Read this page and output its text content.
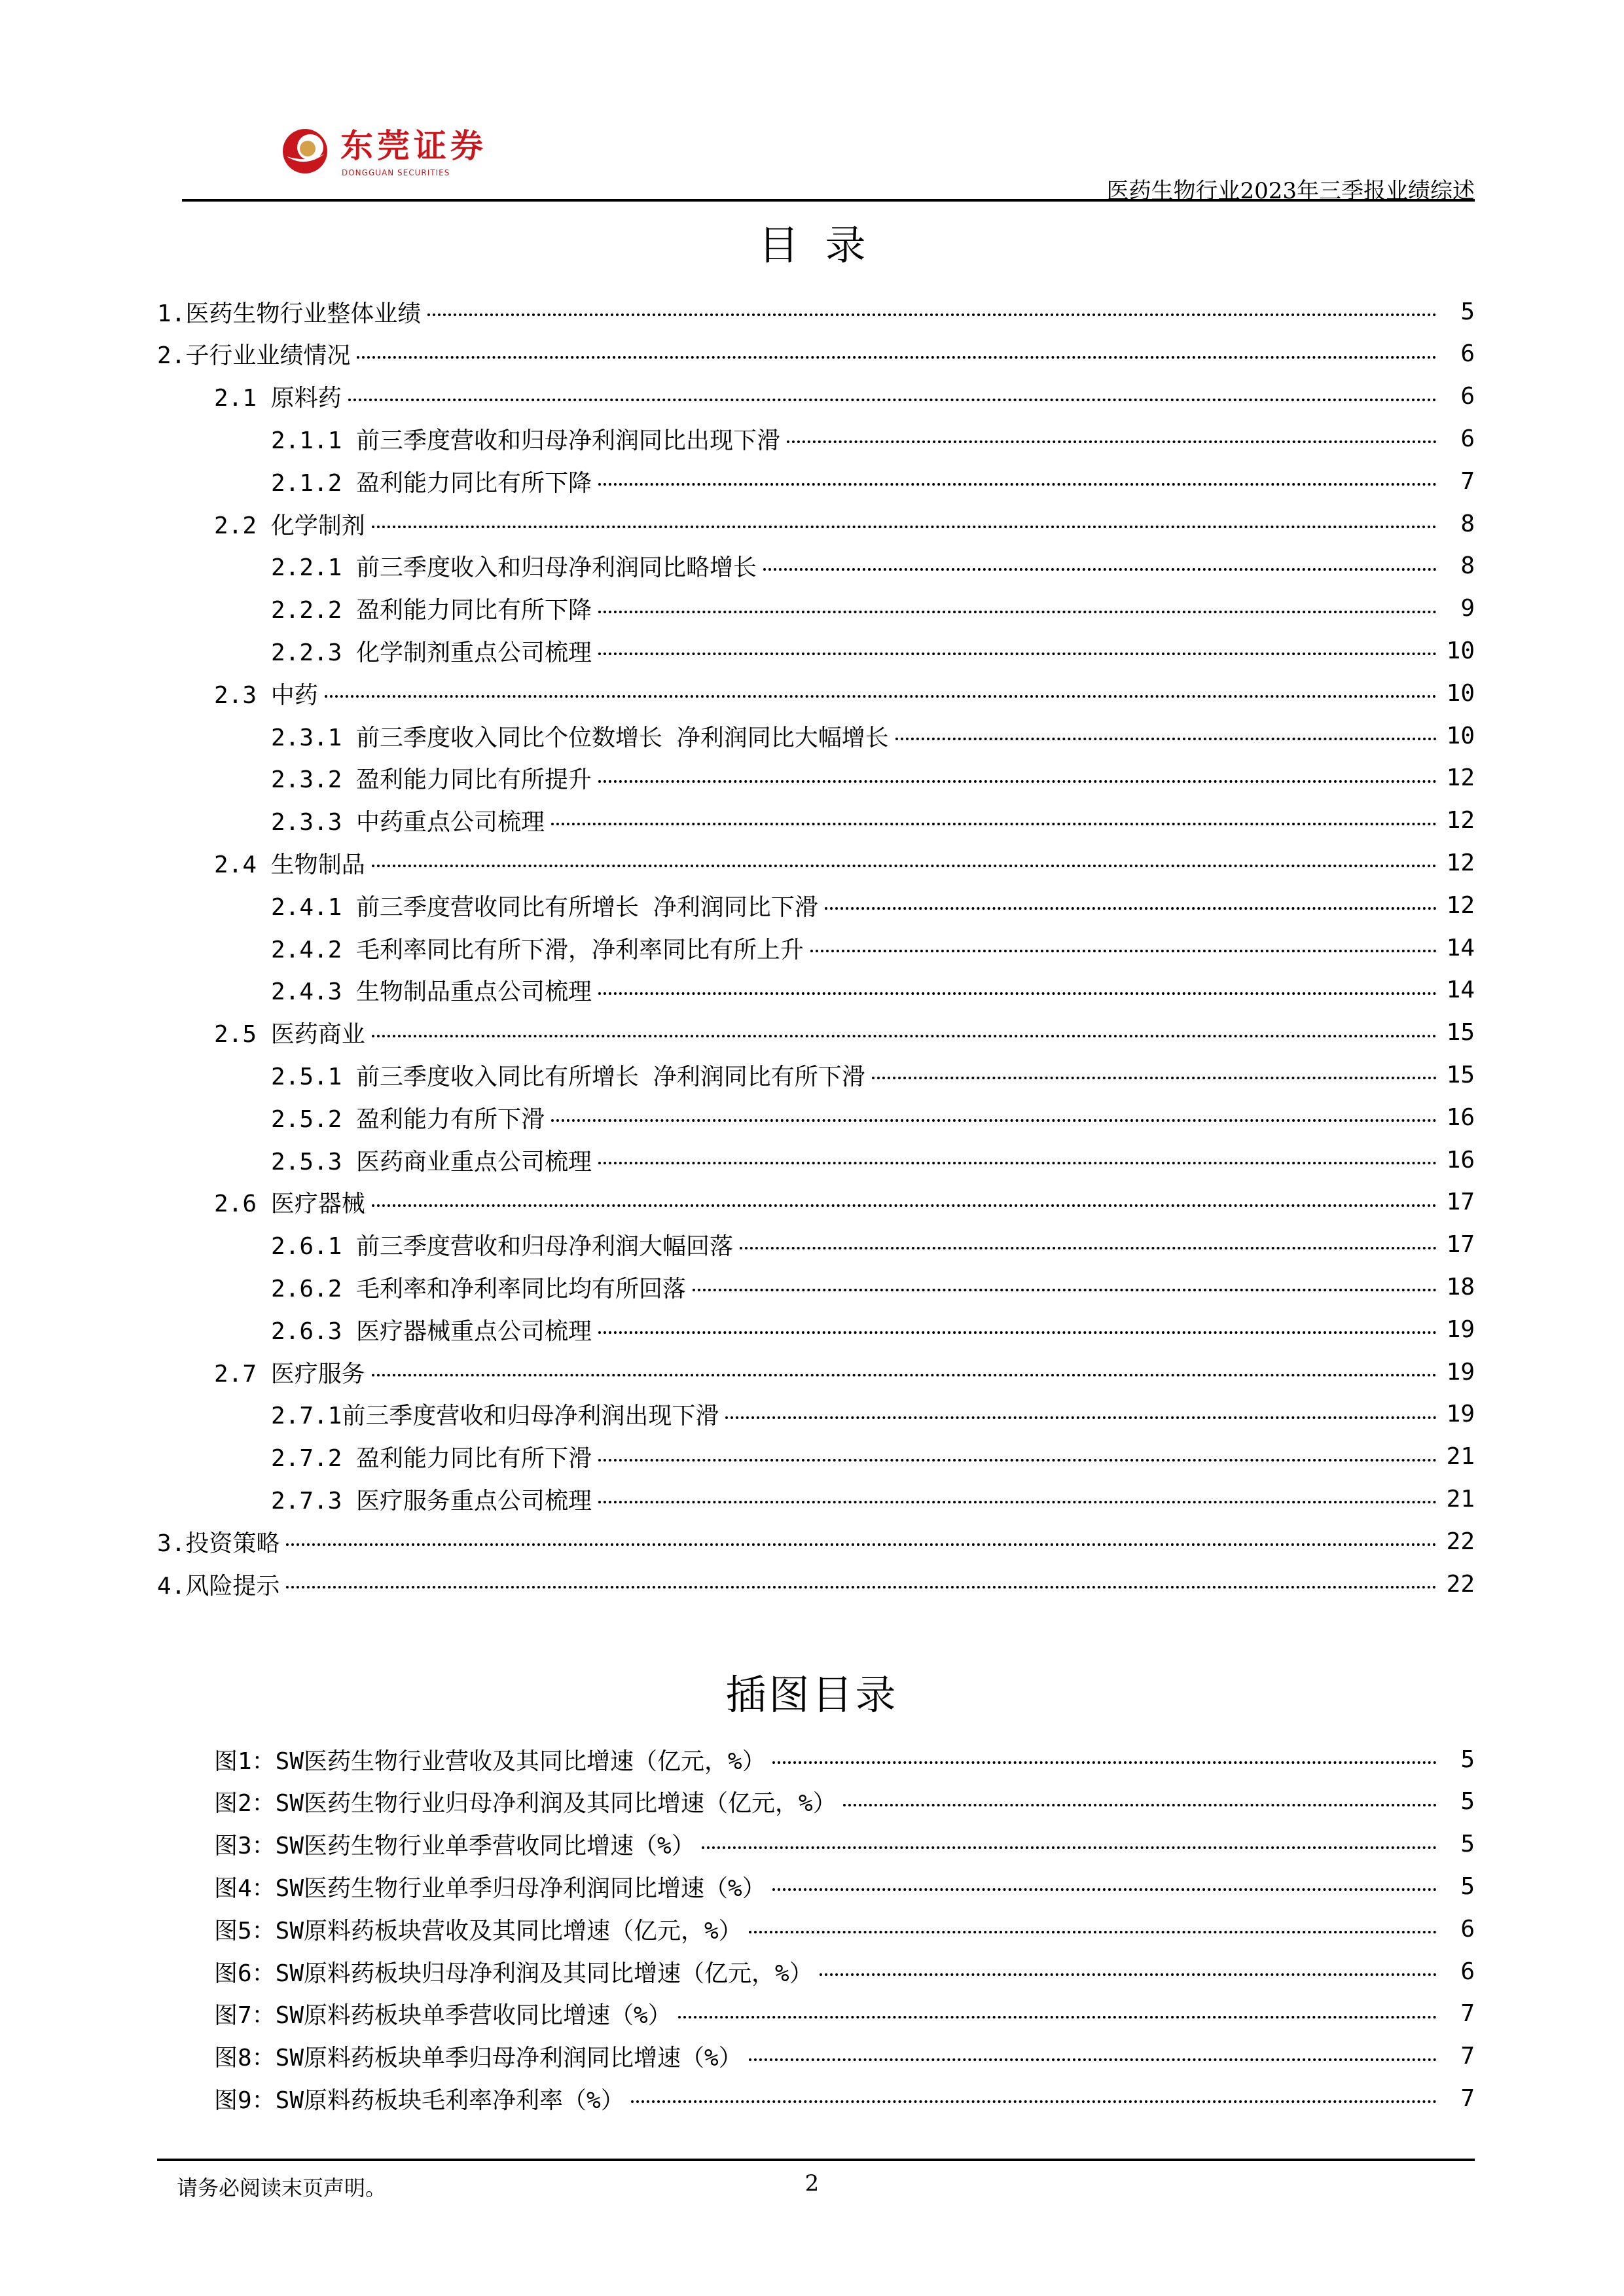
东莞证券
DONGGUAN SECURITIES
医药生物行业2023年三季报业绩综述
目录
1.医药生物行业整体业绩	5
2.子行业业绩情况	6
2.1 原料药	6
2.1.1 前三季度营收和归母净利润同比出现下滑	6
2.1.2 盈利能力同比有所下降	7
2.2 化学制剂	8
2.2.1 前三季度收入和归母净利润同比略增长	8
2.2.2 盈利能力同比有所下降	9
2.2.3 化学制剂重点公司梳理	10
2.3 中药	10
2.3.1 前三季度收入同比个位数增长 净利润同比大幅增长	10
2.3.2 盈利能力同比有所提升	12
2.3.3 中药重点公司梳理	12
2.4 生物制品	12
2.4.1 前三季度营收同比有所增长 净利润同比下滑	12
2.4.2 毛利率同比有所下滑，净利率同比有所上升	14
2.4.3 生物制品重点公司梳理	14
2.5 医药商业	15
2.5.1 前三季度收入同比有所增长 净利润同比有所下滑	15
2.5.2 盈利能力有所下滑	16
2.5.3 医药商业重点公司梳理	16
2.6 医疗器械	17
2.6.1 前三季度营收和归母净利润大幅回落	17
2.6.2 毛利率和净利率同比均有所回落	18
2.6.3 医疗器械重点公司梳理	19
2.7 医疗服务	19
2.7.1前三季度营收和归母净利润出现下滑	19
2.7.2 盈利能力同比有所下滑	21
2.7.3 医疗服务重点公司梳理	21
3.投资策略	22
4.风险提示	22
插图目录
图1：SW医药生物行业营收及其同比增速（亿元，%）	5
图2：SW医药生物行业归母净利润及其同比增速（亿元，%）	5
图3：SW医药生物行业单季营收同比增速（%）	5
图4：SW医药生物行业单季归母净利润同比增速（%）	5
图5：SW原料药板块营收及其同比增速（亿元，%）	6
图6：SW原料药板块归母净利润及其同比增速（亿元，%）	6
图7：SW原料药板块单季营收同比增速（%）	7
图8：SW原料药板块单季归母净利润同比增速（%）	7
图9：SW原料药板块毛利率净利率（%）	7
请务必阅读末页声明。	2
